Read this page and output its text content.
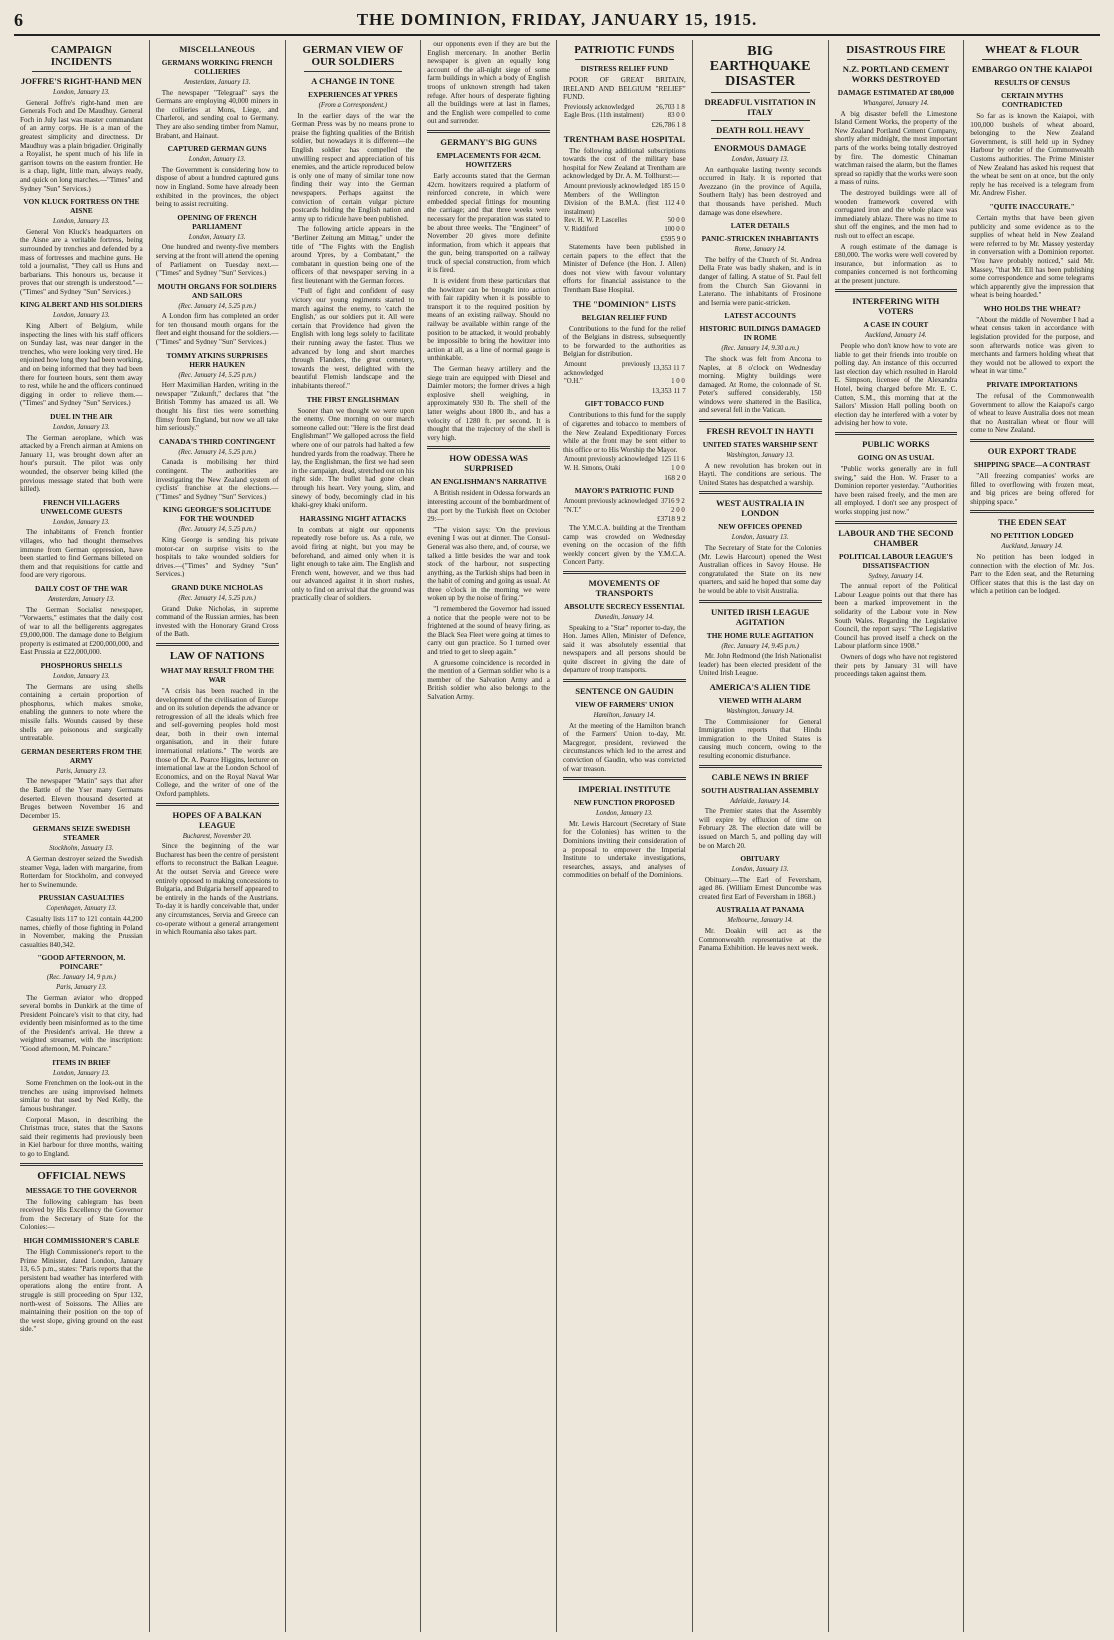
6	THE DOMINION, FRIDAY, JANUARY 15, 1915.
CAMPAIGN INCIDENTS
JOFFRE'S RIGHT-HAND MEN
London, January 13.

General Joffre's right-hand men are Generals Foch and De Maudhuy. General Foch in July last was master commandant of an army corps. He is a man of the greatest simplicity and directness. Dr Maudhuy was a plain brigadier. Originally a Royalist, he spent much of his life in garrison towns on the eastern frontier. He is a chap, light, little man, always ready, and quick on long marches.—"Times" and Sydney "Sun" Services.)

VON KLUCK FORTRESS ON THE AISNE
London, January 13.

General Von Kluck's headquarters on the Aisne are a veritable fortress, being surrounded by trenches and defended by a mass of fortresses and machine guns. He told a journalist, "They call us Huns and barbarians. This honours us, because it proves that our strength is understood."—("Times" and Sydney "Sun" Services.)

KING ALBERT AND HIS SOLDIERS
London, January 13.

King Albert of Belgium, while inspecting the lines with his staff officers on Sunday last, was near danger in the trenches, who were looking very tired. He enjoined how long they had been working, and on being informed that they had been there for fourteen hours, sent them away to rest, while he and the officers continued digging in order to relieve them.—("Times" and Sydney "Sun" Services.)

DUEL IN THE AIR
London, January 13.

The German aeroplane, which was attacked by a French airman at Amiens on January 11, was brought down after an hour's pursuit. The pilot was only wounded, the observer being killed (the previous message stated that both were killed).

FRENCH VILLAGERS UNWELCOME GUESTS
London, January 13.

The inhabitants of French frontier villages, who had thought themselves immune from German oppression, have been startled to find Germans billeted on them and that requisitions for cattle and food are very rigorous.

DAILY COST OF THE WAR
Amsterdam, January 13.

The German Socialist newspaper, "Vorwaerts," estimates that the daily cost of war to all the belligerents aggregates £9,000,000. The damage done to Belgium property is estimated at £200,000,000, and East Prussia at £22,000,000.

PHOSPHORUS SHELLS
London, January 13.

The Germans are using shells containing a certain proportion of phosphorus, which makes smoke, enabling the gunners to note where the missile falls. Wounds caused by these shells are poisonous and surgically untreatable.

GERMAN DESERTERS FROM THE ARMY
Paris, January 13.

The newspaper "Matin" says that after the Battle of the Yser many Germans deserted. Eleven thousand deserted at Bruges between November 16 and December 15.

GERMANS SEIZE SWEDISH STEAMER
Stockholm, January 13.

A German destroyer seized the Swedish steamer Vega, laden with margarine, from Rotterdam for Stockholm, and conveyed her to Swinemunde.

PRUSSIAN CASUALTIES
Copenhagen, January 13.

Casualty lists 117 to 121 contain 44,200 names, chiefly of those fighting in Poland in November, making the Prussian casualties 840,342.

"GOOD AFTERNOON, M. POINCARE"
(Rec. January 14, 9 p.m.)
Paris, January 13.

The German aviator who dropped several bombs in Dunkirk at the time of President Poincare's visit to that city, had evidently been misinformed as to the time of the President's arrival. He threw a weighted streamer, with the inscription: "Good afternoon, M. Poincare."

ITEMS IN BRIEF
London, January 13.

Some Frenchmen on the look-out in the trenches are using improvised helmets similar to that used by Ned Kelly, the famous bushranger.

Corporal Mason, in describing the Christmas truce, states that the Saxons said their regiments had previously been in Kiel harbour for three months, waiting to go to England.

OFFICIAL NEWS
MESSAGE TO THE GOVERNOR

The following cablegram has been received by His Excellency the Governor from the Secretary of State for the Colonies:—

HIGH COMMISSIONER'S CABLE

The High Commissioner's report to the Prime Minister, dated London, January 13, 6.5 p.m., states: "Paris reports that the persistent bad weather has interfered with operations along the entire front. A struggle is still proceeding on Spur 132, north-west of Soissons. The Allies are maintaining their position on the top of the west slope, giving ground on the east side."

MISCELLANEOUS
GERMANS WORKING FRENCH COLLIERIES
Amsterdam, January 13.

The newspaper "Telegraaf" says the Germans are employing 40,000 miners in the collieries at Mons, Liege, and Charleroi, and sending coal to Germany. They are also sending timber from Namur, Brabant, and Hainaut.

CAPTURED GERMAN GUNS
London, January 13.

The Government is considering how to dispose of about a hundred captured guns now in England. Some have already been exhibited in the provinces, the object being to assist recruiting.

OPENING OF FRENCH PARLIAMENT
London, January 13.

One hundred and twenty-five members serving at the front will attend the opening of Parliament on Tuesday next.—("Times" and Sydney "Sun" Services.)

MOUTH ORGANS FOR SOLDIERS AND SAILORS
(Rec. January 14, 5.25 p.m.)

A London firm has completed an order for ten thousand mouth organs for the fleet and eight thousand for the soldiers.—("Times" and Sydney "Sun" Services.)

TOMMY ATKINS SURPRISES HERR HAUKEN
(Rec. January 14, 5.25 p.m.)

Herr Maximilian Harden, writing in the newspaper "Zukunft," declares that "the British Tommy has amazed us all. We thought his first ties were something flimsy from England, but now we all take him seriously."

CANADA'S THIRD CONTINGENT
(Rec. January 14, 5.25 p.m.)

Canada is mobilising her third contingent. The authorities are investigating the New Zealand system of cyclists' franchise at the elections.—("Times" and Sydney "Sun" Services.)

KING GEORGE'S SOLICITUDE FOR THE WOUNDED
(Rec. January 14, 5.25 p.m.)

King George is sending his private motor-car on surprise visits to the hospitals to take wounded soldiers for drives.—("Times" and Sydney "Sun" Services.)

GRAND DUKE NICHOLAS
(Rec. January 14, 5.25 p.m.)

Grand Duke Nicholas, in supreme command of the Russian armies, has been invested with the Honorary Grand Cross of the Bath.

LAW OF NATIONS
WHAT MAY RESULT FROM THE WAR

"A crisis has been reached in the development of the civilisation of Europe and on its solution depends the advance or retrogression of all the ideals which free and self-governing peoples hold most dear, both in their own internal organisation, and in their future international relations." The words are those of Dr. A. Pearce Higgins, lecturer on international law at the London School of Economics, and on the Royal Naval War College, and the writer of one of the Oxford pamphlets.

HOPES OF A BALKAN LEAGUE
Bucharest, November 20.

Since the beginning of the war Bucharest has been the centre of persistent efforts to reconstruct the Balkan League. At the outset Servia and Greece were entirely opposed to making concessions to Bulgaria, and Bulgaria herself appeared to be entirely in the hands of the Austrians. To-day it is hardly conceivable that, under any circumstances, Servia and Greece can co-operate without a general arrangement in which Roumania also takes part.

GERMAN VIEW OF OUR SOLDIERS
A CHANGE IN TONE
EXPERIENCES AT YPRES
(From a Correspondent.)

In the earlier days of the war the German Press was by no means prone to praise the fighting qualities of the British soldier, but nowadays it is different—the English soldier has compelled the unwilling respect and appreciation of his enemies, and the article reproduced below is only one of many of similar tone now finding their way into the German newspapers. Perhaps against the conviction of certain vulgar picture postcards holding the English nation and army up to ridicule have been published.

The following article appears in the "Berliner Zeitung am Mittag," under the title of "The Fights with the English around Ypres, by a Combatant," the combatant in question being one of the officers of that newspaper serving in a first lieutenant with the German forces.

"Full of fight and confident of easy victory our young regiments started to march against the enemy, to 'catch the English,' as our soldiers put it. All were certain that Providence had given the English with long legs solely to facilitate their running away the faster. Thus we advanced by long and short marches through Flanders, the great cemetery, towards the west, delighted with the beautiful Flemish landscape and the inhabitants thereof."

THE FIRST ENGLISHMAN

Sooner than we thought we were upon the enemy. One morning on our march someone called out: "Here is the first dead Englishman!" We galloped across the field where one of our patrols had halted a few hundred yards from the roadway. There he lay, the Englishman, the first we had seen in the campaign, dead, stretched out on his right side. The bullet had gone clean through his heart. Very young, slim, and sinewy of body, becomingly clad in his khaki-grey khaki uniform.

HARASSING NIGHT ATTACKS

In combats at night our opponents repeatedly rose before us. As a rule, we avoid firing at night, but you may be beforehand, and aimed only when it is light enough to take aim. The English and French went, however, and we thus had our advanced against it in short rushes, only to find on arrival that the ground was practically clear of soldiers.

our opponents even if they are but the English mercenary. In another Berlin newspaper is given an equally long account of the all-night siege of some farm buildings in which a body of English troops of unknown strength had taken refuge. After hours of desperate fighting all the buildings were at last in flames, and the English were compelled to come out and surrender.

GERMANY'S BIG GUNS
EMPLACEMENTS FOR 42CM. HOWITZERS

Early accounts stated that the German 42cm. howitzers required a platform of reinforced concrete, in which were embedded special fittings for mounting the carriage; and that three weeks were necessary for the preparation was stated to be about three weeks. The "Engineer" of November 20 gives more definite information, from which it appears that the gun, being transported on a railway truck of special construction, from which it is fired.

It is evident from these particulars that the howitzer can be brought into action with fair rapidity when it is possible to transport it to the required position by means of an existing railway. Should no railway be available within range of the position to be attacked, it would probably be impossible to bring the howitzer into action at all, as a line of normal gauge is unthinkable.

The German heavy artillery and the siege train are equipped with Diesel and Daimler motors; the former drives a high explosive shell weighing, in approximately 930 lb. The shell of the latter weighs about 1800 lb., and has a velocity of 1280 ft. per second. It is thought that the trajectory of the shell is very high.

HOW ODESSA WAS SURPRISED
AN ENGLISHMAN'S NARRATIVE

A British resident in Odessa forwards an interesting account of the bombardment of that port by the Turkish fleet on October 29:—

"The vision says: 'On the previous evening I was out at dinner. The Consul-General was also there, and, of course, we talked a little besides the war and took stock of the harbour, not suspecting anything, as the Turkish ships had been in the habit of coming and going as usual. At three o'clock in the morning we were woken up by the noise of firing.'"

"I remembered the Governor had issued a notice that the people were not to be frightened at the sound of heavy firing, as the Black Sea Fleet were going at times to carry out gun practice. So I turned over and tried to get to sleep again."

A gruesome coincidence is recorded in the mention of a German soldier who is a member of the Salvation Army and a British soldier who also belongs to the Salvation Army.

PATRIOTIC FUNDS
DISTRESS RELIEF FUND

POOR OF GREAT BRITAIN, IRELAND AND BELGIUM "RELIEF" FUND.

Previously acknowledged	26,703 1 8
Eagle Bros. (11th instalment)	83 0 0
£26,786 1 8
TRENTHAM BASE HOSPITAL

The following additional subscriptions towards the cost of the military base hospital for New Zealand at Trentham are acknowledged by Dr. A. M. Tollhurst:—

Amount previously acknowledged	185 15 0
Members of the Wellington Division of the B.M.A. (first instalment)	112 4 0
Rev. H. W. P. Lascelles	50 0 0
V. Riddiford	100 0 0
£595 9 0

Statements have been published in certain papers to the effect that the Minister of Defence (the Hon. J. Allen) does not view with favour voluntary efforts for financial assistance to the Trentham Base Hospital.

THE "DOMINION" LISTS
BELGIAN RELIEF FUND

Contributions to the fund for the relief of the Belgians in distress, subsequently to be forwarded to the authorities as Belgian for distribution.

Amount previously acknowledged	13,353 11 7
"O.H."	1 0 0
13,353 11 7
GIFT TOBACCO FUND

Contributions to this fund for the supply of cigarettes and tobacco to members of the New Zealand Expeditionary Forces while at the front may be sent either to this office or to His Worship the Mayor.

Amount previously acknowledged	125 11 6
W. H. Simons, Otaki	1 0 0
168 2 0
MAYOR'S PATRIOTIC FUND
Amount previously acknowledged	3716 9 2
"N.T."	2 0 0
£3718 9 2

The Y.M.C.A. building at the Trentham camp was crowded on Wednesday evening on the occasion of the fifth weekly concert given by the Y.M.C.A. Concert Party.

MOVEMENTS OF TRANSPORTS
ABSOLUTE SECRECY ESSENTIAL
Dunedin, January 14.

Speaking to a "Star" reporter to-day, the Hon. James Allen, Minister of Defence, said it was absolutely essential that newspapers and all persons should be quite discreet in giving the date of departure of troop transports.

SENTENCE ON GAUDIN
VIEW OF FARMERS' UNION
Hamilton, January 14.

At the meeting of the Hamilton branch of the Farmers' Union to-day, Mr. Macgregor, president, reviewed the circumstances which led to the arrest and conviction of Gaudin, who was convicted of war treason.

IMPERIAL INSTITUTE
NEW FUNCTION PROPOSED
London, January 13.

Mr. Lewis Harcourt (Secretary of State for the Colonies) has written to the Dominions inviting their consideration of a proposal to empower the Imperial Institute to undertake investigations, researches, assays, and analyses of commodities on behalf of the Dominions.

BIG EARTHQUAKE DISASTER
DREADFUL VISITATION IN ITALY
DEATH ROLL HEAVY
ENORMOUS DAMAGE
London, January 13.

An earthquake lasting twenty seconds occurred in Italy. It is reported that Avezzano (in the province of Aquila, Southern Italy) has been destroyed and that thousands have perished. Much damage was done elsewhere.

LATER DETAILS
PANIC-STRICKEN INHABITANTS
Rome, January 14.

The belfry of the Church of St. Andrea Della Frate was badly shaken, and is in danger of falling. A statue of St. Paul fell from the Church San Giovanni in Laterano. The inhabitants of Frosinone and Isernia were panic-stricken.

LATEST ACCOUNTS
HISTORIC BUILDINGS DAMAGED IN ROME
(Rec. January 14, 9.30 a.m.)

The shock was felt from Ancona to Naples, at 8 o'clock on Wednesday morning. Mighty buildings were damaged. At Rome, the colonnade of St. Peter's suffered considerably, 150 windows were shattered in the Basilica, and several fell in the Vatican.

FRESH REVOLT IN HAYTI
UNITED STATES WARSHIP SENT
Washington, January 13.

A new revolution has broken out in Hayti. The conditions are serious. The United States has despatched a warship.

WEST AUSTRALIA IN LONDON
NEW OFFICES OPENED
London, January 13.

The Secretary of State for the Colonies (Mr. Lewis Harcourt) opened the West Australian offices in Savoy House. He congratulated the State on its new quarters, and said he hoped that some day he would be able to visit Australia.

UNITED IRISH LEAGUE AGITATION
THE HOME RULE AGITATION
(Rec. January 14, 9.45 p.m.)

Mr. John Redmond (the Irish Nationalist leader) has been elected president of the United Irish League.

AMERICA'S ALIEN TIDE
VIEWED WITH ALARM
Washington, January 14.

The Commissioner for General Immigration reports that Hindu immigration to the United States is causing much concern, owing to the resulting economic disturbance.

CABLE NEWS IN BRIEF
SOUTH AUSTRALIAN ASSEMBLY
Adelaide, January 14.

The Premier states that the Assembly will expire by effluxion of time on February 28. The election date will be issued on March 5, and polling day will be on March 20.

OBITUARY
London, January 13.

Obituary.—The Earl of Feversham, aged 86. (William Ernest Duncombe was created first Earl of Feversham in 1868.)

AUSTRALIA AT PANAMA
Melbourne, January 14.

Mr. Doakin will act as the Commonwealth representative at the Panama Exhibition. He leaves next week.

DISASTROUS FIRE
N.Z. PORTLAND CEMENT WORKS DESTROYED
DAMAGE ESTIMATED AT £80,000
Whangarei, January 14.

A big disaster befell the Limestone Island Cement Works, the property of the New Zealand Portland Cement Company, shortly after midnight, the most important parts of the works being totally destroyed by fire. The domestic Chinaman watchman raised the alarm, but the flames spread so rapidly that the works were soon a mass of ruins.

The destroyed buildings were all of wooden framework covered with corrugated iron and the whole place was immediately ablaze. There was no time to shut off the engines, and the men had to rush out to effect an escape.

A rough estimate of the damage is £80,000. The works were well covered by insurance, but information as to companies concerned is not forthcoming at the present juncture.

INTERFERING WITH VOTERS
A CASE IN COURT
Auckland, January 14.

People who don't know how to vote are liable to get their friends into trouble on polling day. An instance of this occurred last election day which resulted in Harold E. Simpson, licensee of the Alexandra Hotel, being charged before Mr. E. C. Cutten, S.M., this morning that at the Sailors' Mission Hall polling booth on election day he interfered with a voter by advising her how to vote.

PUBLIC WORKS
GOING ON AS USUAL

"Public works generally are in full swing," said the Hon. W. Fraser to a Dominion reporter yesterday. "Authorities have been raised freely, and the men are all employed. I don't see any prospect of works stopping just now."

LABOUR AND THE SECOND CHAMBER
POLITICAL LABOUR LEAGUE'S DISSATISFACTION
Sydney, January 14.

The annual report of the Political Labour League points out that there has been a marked improvement in the solidarity of the Labour vote in New South Wales. Regarding the Legislative Council, the report says: "The Legislative Council has proved itself a check on the Labour platform since 1908."

Owners of dogs who have not registered their pets by January 31 will have proceedings taken against them.

WHEAT & FLOUR
EMBARGO ON THE KAIAPOI
RESULTS OF CENSUS
CERTAIN MYTHS CONTRADICTED

So far as is known the Kaiapoi, with 100,000 bushels of wheat aboard, belonging to the New Zealand Government, is still held up in Sydney Harbour by order of the Commonwealth Customs authorities. The Prime Minister of New Zealand has asked his request that the wheat be sent on at once, but the only reply he has received is a telegram from Mr. Andrew Fisher.

"QUITE INACCURATE."

Certain myths that have been given publicity and some evidence as to the supplies of wheat held in New Zealand were referred to by Mr. Massey yesterday in conversation with a Dominion reporter. "You have probably noticed," said Mr. Massey, "that Mr. Ell has been publishing some correspondence and some telegrams which apparently give the impression that wheat is being hoarded."

WHO HOLDS THE WHEAT?

"About the middle of November I had a wheat census taken in accordance with legislation provided for the purpose, and soon afterwards notice was given to merchants and farmers holding wheat that they would not be allowed to export the wheat in war time."

PRIVATE IMPORTATIONS

The refusal of the Commonwealth Government to allow the Kaiapoi's cargo of wheat to leave Australia does not mean that no Australian wheat or flour will come to New Zealand.

OUR EXPORT TRADE
SHIPPING SPACE—A CONTRAST

"All freezing companies' works are filled to overflowing with frozen meat, and big prices are being offered for shipping space."

THE EDEN SEAT
NO PETITION LODGED
Auckland, January 14.

No petition has been lodged in connection with the election of Mr. Jos. Parr to the Eden seat, and the Returning Officer states that this is the last day on which a petition can be lodged.
